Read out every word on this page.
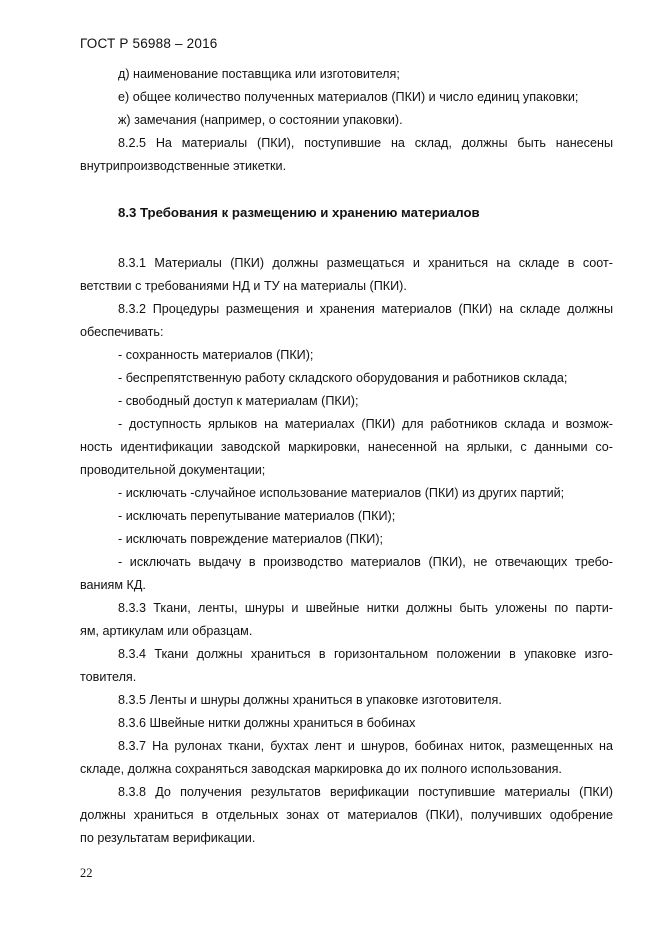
ГОСТ Р 56988 – 2016
д) наименование поставщика или изготовителя;
е) общее количество полученных материалов (ПКИ) и число единиц упаковки;
ж) замечания (например, о состоянии упаковки).
8.2.5 На материалы (ПКИ), поступившие на склад, должны быть нанесены
внутрипроизводственные этикетки.
8.3 Требования к размещению и хранению материалов
8.3.1 Материалы (ПКИ) должны размещаться и храниться на складе в соот-
ветствии с требованиями НД и ТУ на материалы (ПКИ).
8.3.2 Процедуры размещения и хранения материалов (ПКИ) на складе должны
обеспечивать:
- сохранность материалов (ПКИ);
- беспрепятственную работу складского оборудования и работников склада;
- свободный доступ к материалам (ПКИ);
- доступность ярлыков на материалах (ПКИ) для работников склада и возмож-
ность идентификации заводской маркировки, нанесенной на ярлыки, с данными со-
проводительной документации;
- исключать -случайное использование материалов (ПКИ) из других партий;
- исключать перепутывание материалов (ПКИ);
- исключать повреждение материалов (ПКИ);
- исключать выдачу в производство материалов (ПКИ), не отвечающих требо-
ваниям КД.
8.3.3 Ткани, ленты, шнуры и швейные нитки должны быть уложены по парти-
ям, артикулам или образцам.
8.3.4 Ткани должны храниться в горизонтальном положении в упаковке изго-
товителя.
8.3.5 Ленты и шнуры должны храниться в упаковке изготовителя.
8.3.6 Швейные нитки должны храниться в бобинах
8.3.7 На рулонах ткани, бухтах лент и шнуров, бобинах ниток, размещенных на
складе, должна сохраняться заводская маркировка до их полного использования.
8.3.8 До получения результатов верификации поступившие материалы (ПКИ)
должны храниться в отдельных зонах от материалов (ПКИ), получивших одобрение
по результатам верификации.
22
